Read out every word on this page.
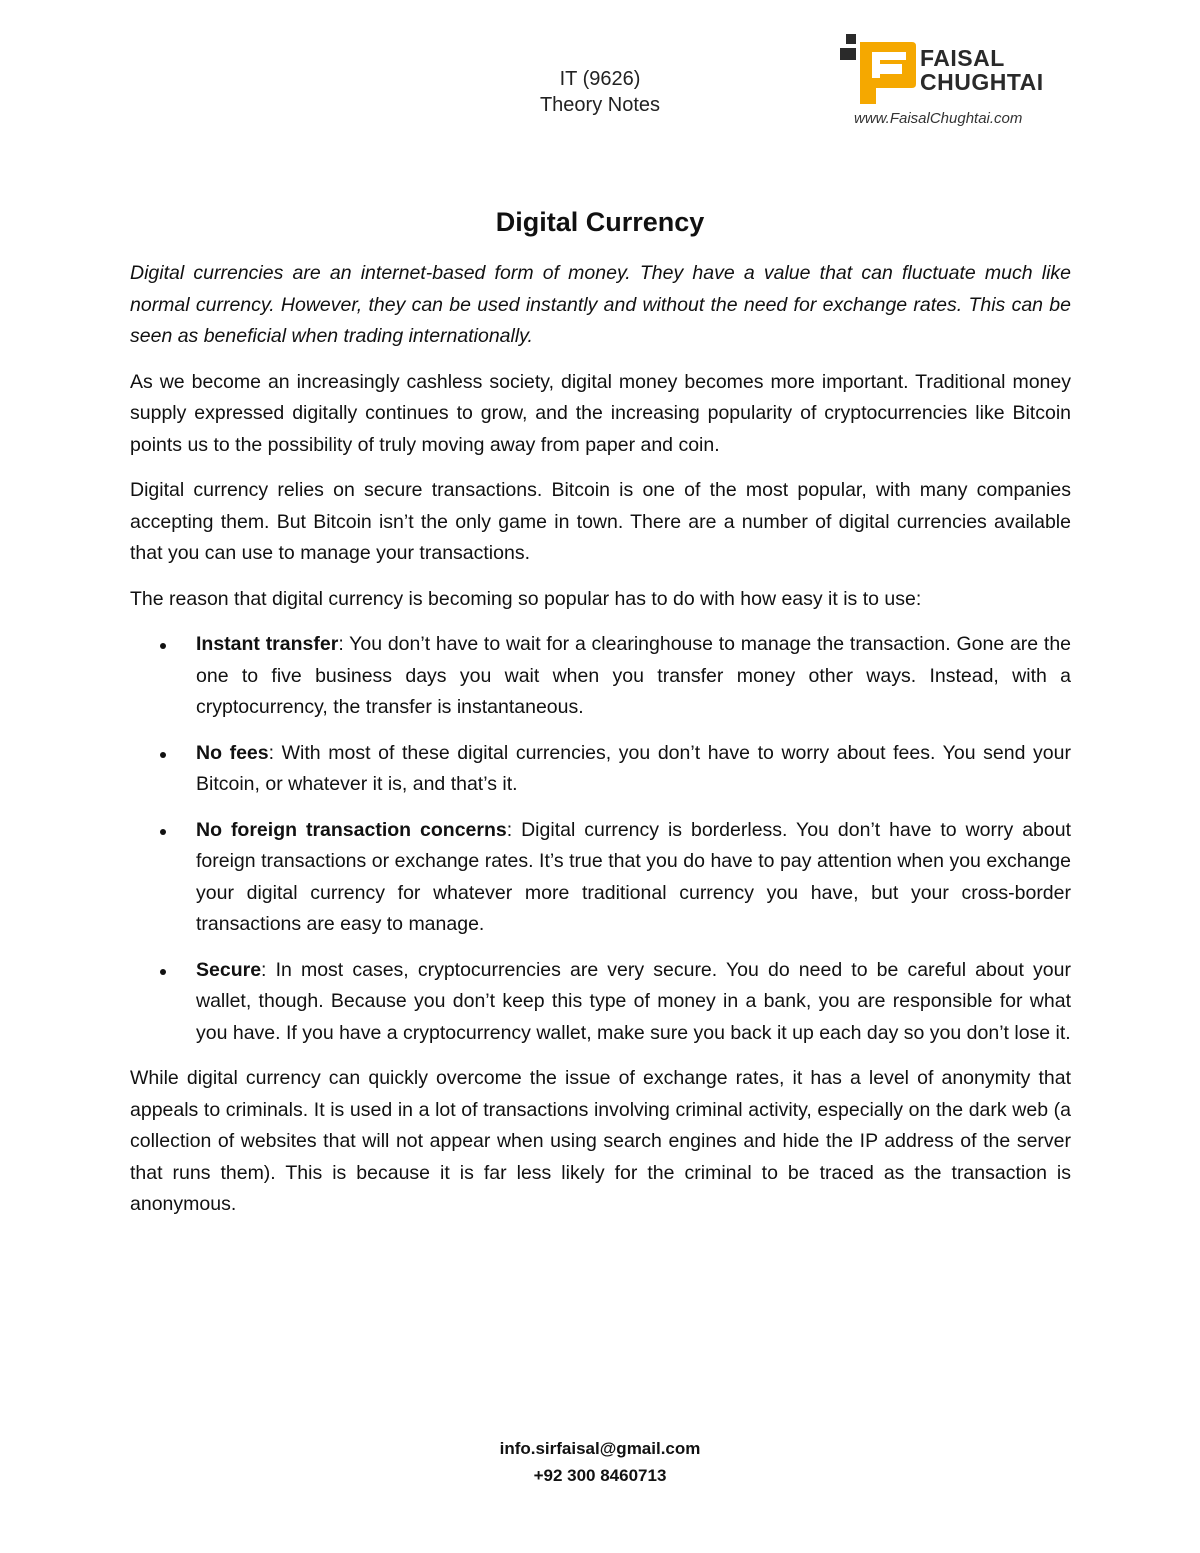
IT (9626)
Theory Notes
FAISAL
CHUGHTAI
www.FaisalChughtai.com
Digital Currency

Digital currencies are an internet-based form of money. They have a value that can fluctuate much like normal currency. However, they can be used instantly and without the need for exchange rates. This can be seen as beneficial when trading internationally.

As we become an increasingly cashless society, digital money becomes more important. Traditional money supply expressed digitally continues to grow, and the increasing popularity of cryptocurrencies like Bitcoin points us to the possibility of truly moving away from paper and coin.

Digital currency relies on secure transactions. Bitcoin is one of the most popular, with many companies accepting them. But Bitcoin isn’t the only game in town. There are a number of digital currencies available that you can use to manage your transactions.

The reason that digital currency is becoming so popular has to do with how easy it is to use:

Instant transfer: You don’t have to wait for a clearinghouse to manage the transaction. Gone are the one to five business days you wait when you transfer money other ways. Instead, with a cryptocurrency, the transfer is instantaneous.
No fees: With most of these digital currencies, you don’t have to worry about fees. You send your Bitcoin, or whatever it is, and that’s it.
No foreign transaction concerns: Digital currency is borderless. You don’t have to worry about foreign transactions or exchange rates. It’s true that you do have to pay attention when you exchange your digital currency for whatever more traditional currency you have, but your cross-border transactions are easy to manage.
Secure: In most cases, cryptocurrencies are very secure. You do need to be careful about your wallet, though. Because you don’t keep this type of money in a bank, you are responsible for what you have. If you have a cryptocurrency wallet, make sure you back it up each day so you don’t lose it.

While digital currency can quickly overcome the issue of exchange rates, it has a level of anonymity that appeals to criminals. It is used in a lot of transactions involving criminal activity, especially on the dark web (a collection of websites that will not appear when using search engines and hide the IP address of the server that runs them). This is because it is far less likely for the criminal to be traced as the transaction is anonymous.

info.sirfaisal@gmail.com
+92 300 8460713
